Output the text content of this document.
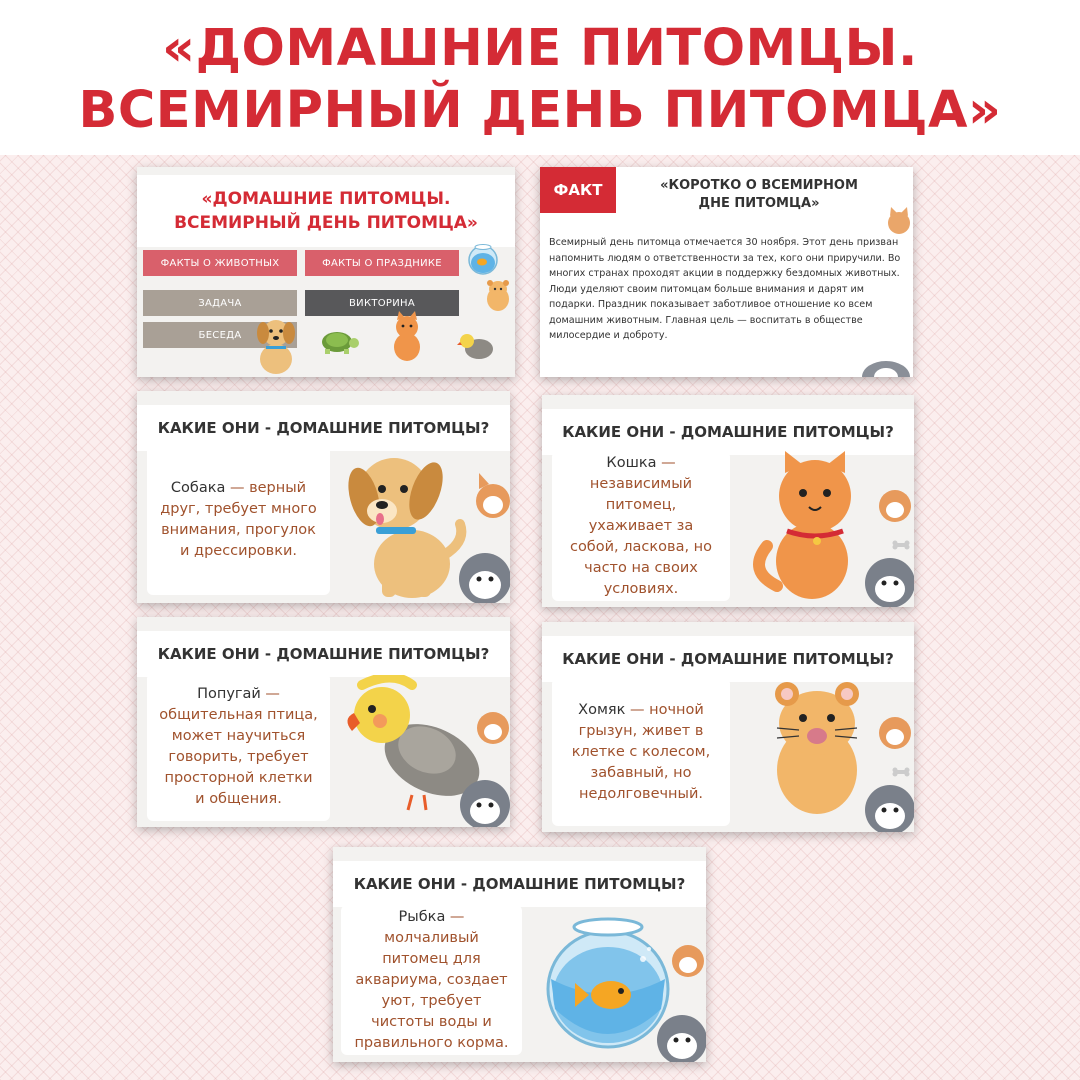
«ДОМАШНИЕ ПИТОМЦЫ.
ВСЕМИРНЫЙ ДЕНЬ ПИТОМЦА»
«ДОМАШНИЕ ПИТОМЦЫ.
ВСЕМИРНЫЙ ДЕНЬ ПИТОМЦА»
ФАКТЫ О ЖИВОТНЫХ	ФАКТЫ О ПРАЗДНИКЕ
ЗАДАЧА	ВИКТОРИНА
БЕСЕДА
ФАКТ	«КОРОТКО О ВСЕМИРНОМ
ДНЕ ПИТОМЦА»
Всемирный день питомца отмечается 30 ноября. Этот день призван напомнить людям о ответственности за тех, кого они приручили. Во многих странах проходят акции в поддержку бездомных животных. Люди уделяют своим питомцам больше внимания и дарят им подарки. Праздник показывает заботливое отношение ко всем домашним животным. Главная цель — воспитать в обществе милосердие и доброту.
КАКИЕ ОНИ - ДОМАШНИЕ ПИТОМЦЫ?
Собака — верный друг, требует много внимания, прогулок и дрессировки.
КАКИЕ ОНИ - ДОМАШНИЕ ПИТОМЦЫ?
Кошка — независимый питомец, ухаживает за собой, ласкова, но часто на своих условиях.
КАКИЕ ОНИ - ДОМАШНИЕ ПИТОМЦЫ?
Попугай — общительная птица, может научиться говорить, требует просторной клетки и общения.
КАКИЕ ОНИ - ДОМАШНИЕ ПИТОМЦЫ?
Хомяк — ночной грызун, живет в клетке с колесом, забавный, но недолговечный.
КАКИЕ ОНИ - ДОМАШНИЕ ПИТОМЦЫ?
Рыбка — молчаливый питомец для аквариума, создает уют, требует чистоты воды и правильного корма.
